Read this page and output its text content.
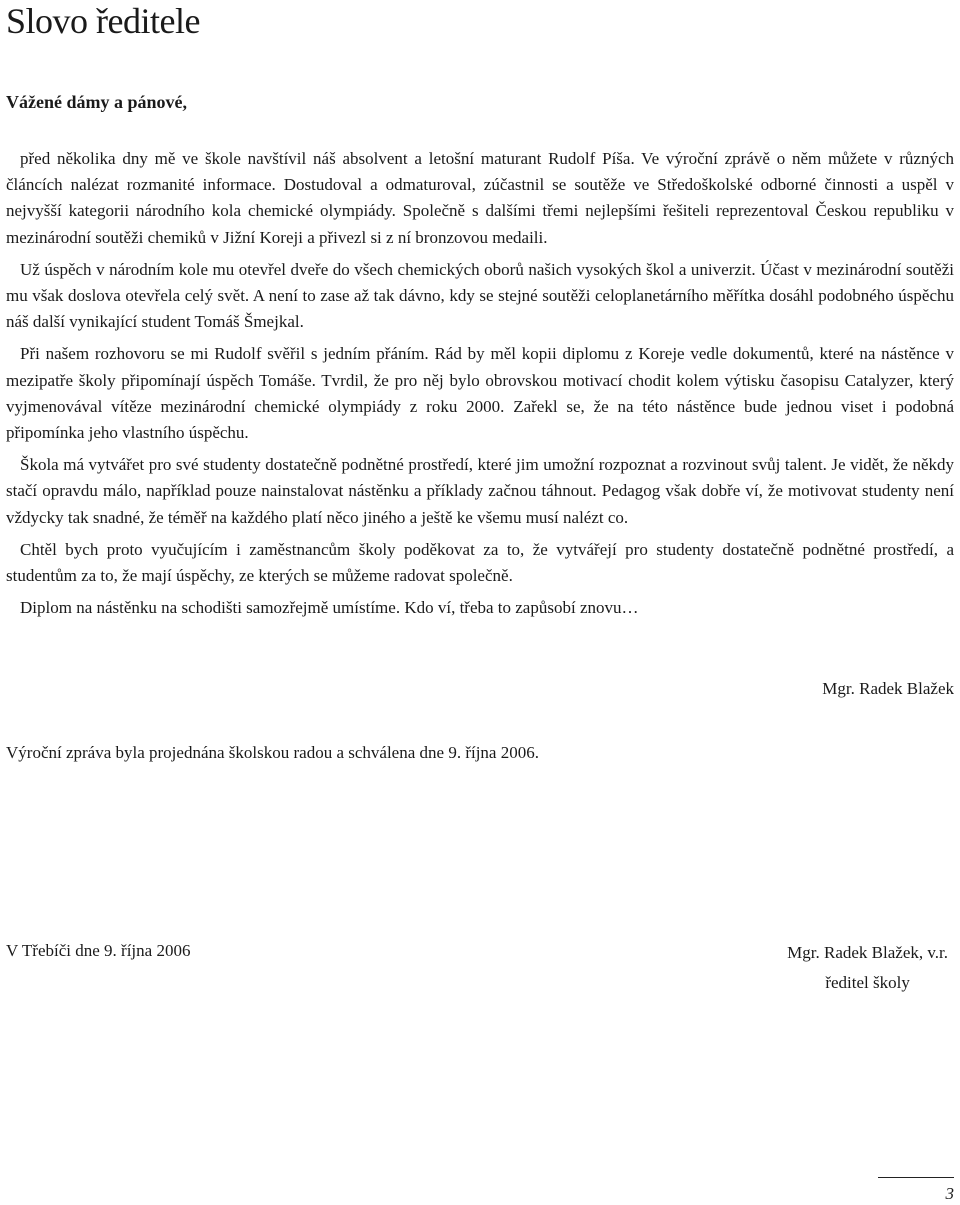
Slovo ředitele

Vážené dámy a pánové,

před několika dny mě ve škole navštívil náš absolvent a letošní maturant Rudolf Píša. Ve výroční zprávě o něm můžete v různých článcích nalézat rozmanité informace. Dostudoval a odmaturoval, zúčastnil se soutěže ve Středoškolské odborné činnosti a uspěl v nejvyšší kategorii národního kola chemické olympiády. Společně s dalšími třemi nejlepšími řešiteli reprezentoval Českou republiku v mezinárodní soutěži chemiků v Jižní Koreji a přivezl si z ní bronzovou medaili.

Už úspěch v národním kole mu otevřel dveře do všech chemických oborů našich vysokých škol a univerzit. Účast v mezinárodní soutěži mu však doslova otevřela celý svět. A není to zase až tak dávno, kdy se stejné soutěži celoplanetárního měřítka dosáhl podobného úspěchu náš další vynikající student Tomáš Šmejkal.

Při našem rozhovoru se mi Rudolf svěřil s jedním přáním. Rád by měl kopii diplomu z Koreje vedle dokumentů, které na nástěnce v mezipatře školy připomínají úspěch Tomáše. Tvrdil, že pro něj bylo obrovskou motivací chodit kolem výtisku časopisu Catalyzer, který vyjmenovával vítěze mezinárodní chemické olympiády z roku 2000. Zařekl se, že na této nástěnce bude jednou viset i podobná připomínka jeho vlastního úspěchu.

Škola má vytvářet pro své studenty dostatečně podnětné prostředí, které jim umožní rozpoznat a rozvinout svůj talent. Je vidět, že někdy stačí opravdu málo, například pouze nainstalovat nástěnku a příklady začnou táhnout. Pedagog však dobře ví, že motivovat studenty není vždycky tak snadné, že téměř na každého platí něco jiného a ještě ke všemu musí nalézt co.

Chtěl bych proto vyučujícím i zaměstnancům školy poděkovat za to, že vytvářejí pro studenty dostatečně podnětné prostředí, a studentům za to, že mají úspěchy, ze kterých se můžeme radovat společně.

Diplom na nástěnku na schodišti samozřejmě umístíme. Kdo ví, třeba to zapůsobí znovu…

Mgr. Radek Blažek
Výroční zpráva byla projednána školskou radou a schválena dne 9. října 2006.
V Třebíči dne 9. října 2006	Mgr. Radek Blažek, v.r.
ředitel školy
3
